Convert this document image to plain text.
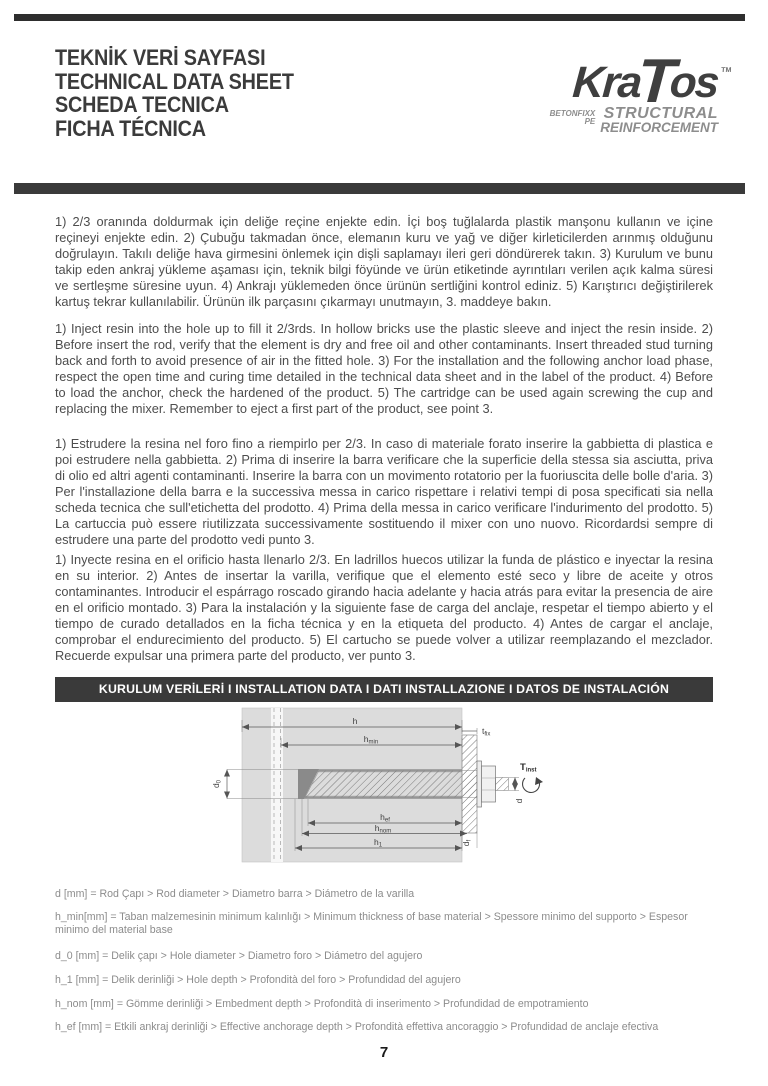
TEKNİK VERİ SAYFASI
TECHNICAL DATA SHEET
SCHEDA TECNICA
FICHA TÉCNICA
TM
KraTos
BETONFIXX
PE STRUCTURAL
REINFORCEMENT
1) 2/3 oranında doldurmak için deliğe reçine enjekte edin. İçi boş tuğlalarda plastik manşonu kullanın ve içine reçineyi enjekte edin. 2) Çubuğu takmadan önce, elemanın kuru ve yağ ve diğer kirleticilerden arınmış olduğunu doğrulayın. Takılı deliğe hava girmesini önlemek için dişli saplamayı ileri geri döndürerek takın. 3) Kurulum ve bunu takip eden ankraj yükleme aşaması için, teknik bilgi föyünde ve ürün etiketinde ayrıntıları verilen açık kalma süresi ve sertleşme süresine uyun. 4) Ankrajı yüklemeden önce ürünün sertliğini kontrol ediniz. 5) Karıştırıcı değiştirilerek kartuş tekrar kullanılabilir. Ürünün ilk parçasını çıkarmayı unutmayın, 3. maddeye bakın.
1) Inject resin into the hole up to fill it 2/3rds. In hollow bricks use the plastic sleeve and inject the resin inside. 2) Before insert the rod, verify that the element is dry and free oil and other contaminants. Insert threaded stud turning back and forth to avoid presence of air in the fitted hole. 3) For the installation and the following anchor load phase, respect the open time and curing time detailed in the technical data sheet and in the label of the product. 4) Before to load the anchor, check the hardened of the product. 5) The cartridge can be used again screwing the cup and replacing the mixer. Remember to eject a first part of the product, see point 3.
1) Estrudere la resina nel foro fino a riempirlo per 2/3. In caso di materiale forato inserire la gabbietta di plastica e poi estrudere nella gabbietta. 2) Prima di inserire la barra verificare che la superficie della stessa sia asciutta, priva di olio ed altri agenti contaminanti. Inserire la barra con un movimento rotatorio per la fuoriuscita delle bolle d'aria. 3) Per l'installazione della barra e la successiva messa in carico rispettare i relativi tempi di posa specificati sia nella scheda tecnica che sull'etichetta del prodotto. 4) Prima della messa in carico verificare l'indurimento del prodotto. 5) La cartuccia può essere riutilizzata successivamente sostituendo il mixer con uno nuovo. Ricordardsi sempre di estrudere una parte del prodotto vedi punto 3.
1) Inyecte resina en el orificio hasta llenarlo 2/3. En ladrillos huecos utilizar la funda de plástico e inyectar la resina en su interior. 2) Antes de insertar la varilla, verifique que el elemento esté seco y libre de aceite y otros contaminantes. Introducir el espárrago roscado girando hacia adelante y hacia atrás para evitar la presencia de aire en el orificio montado. 3) Para la instalación y la siguiente fase de carga del anclaje, respetar el tiempo abierto y el tiempo de curado detallados en la ficha técnica y en la etiqueta del producto. 4) Antes de cargar el anclaje, comprobar el endurecimiento del producto. 5) El cartucho se puede volver a utilizar reemplazando el mezclador. Recuerde expulsar una primera parte del producto, ver punto 3.
KURULUM VERİLERİ I INSTALLATION DATA I DATI INSTALLAZIONE I DATOS DE INSTALACIÓN
h
hmin
tfix
d0
Tinst
d
df
hef
hnom
h1
d [mm] = Rod Çapı > Rod diameter > Diametro barra > Diámetro de la varilla
h_min[mm] = Taban malzemesinin minimum kalınlığı > Minimum thickness of base material > Spessore minimo del supporto > Espesor minimo del material base
d_0 [mm] = Delik çapı > Hole diameter > Diametro foro > Diámetro del agujero
h_1 [mm] = Delik derinliği > Hole depth > Profondità del foro > Profundidad del agujero
h_nom [mm] = Gömme derinliği > Embedment depth > Profondità di inserimento > Profundidad de empotramiento
h_ef [mm] = Etkili ankraj derinliği > Effective anchorage depth > Profondità effettiva ancoraggio > Profundidad de anclaje efectiva
7
